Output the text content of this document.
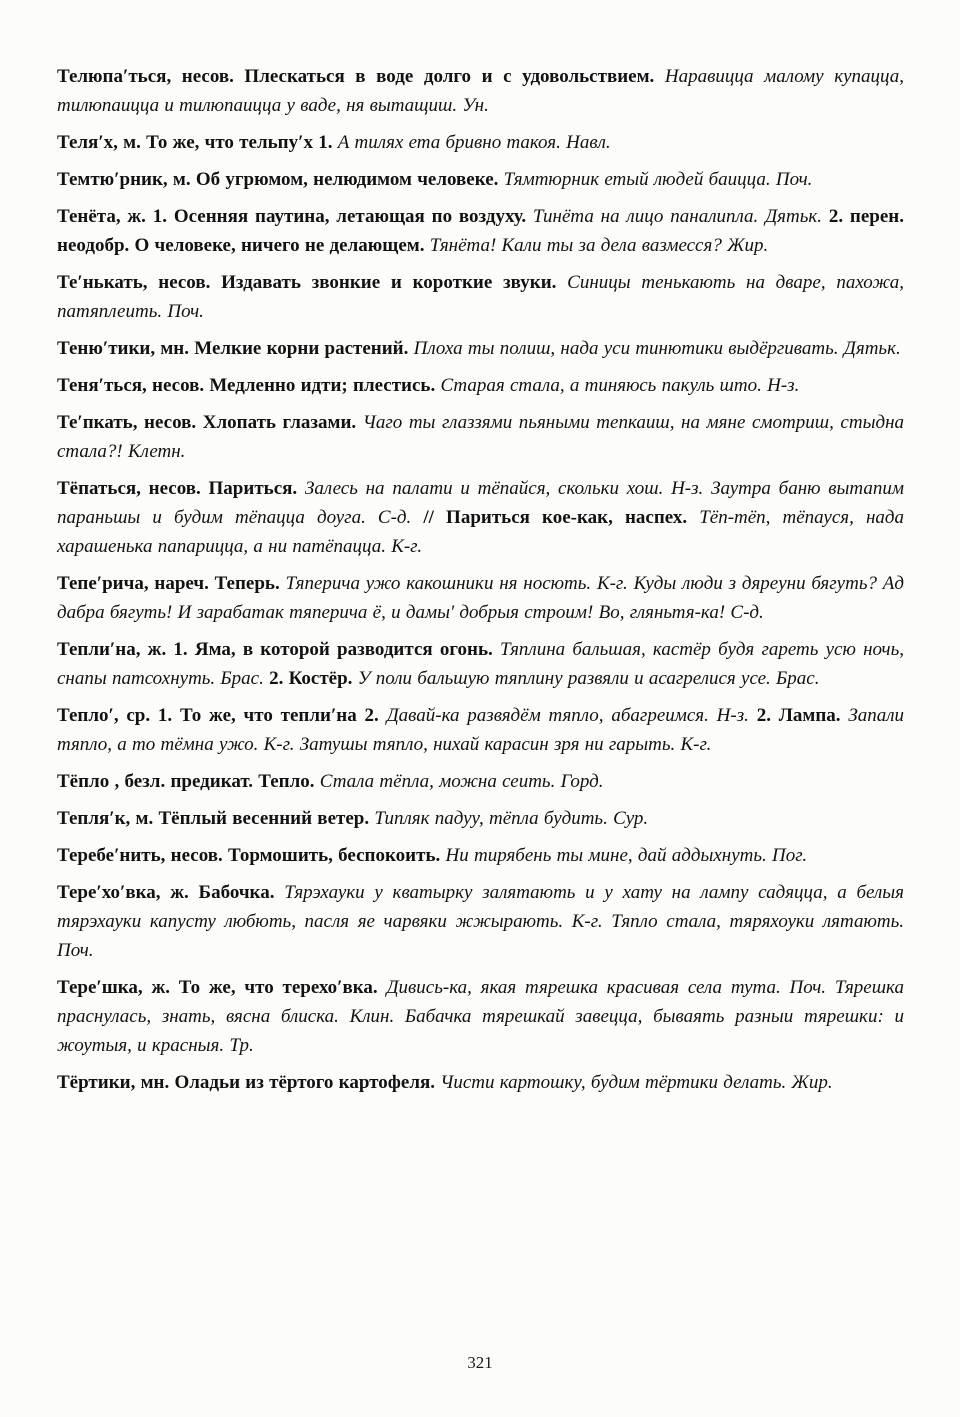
Телюпа′ться, несов. Плескаться в воде долго и с удовольствием. Наравицца малому купацца, тилюпаицца и тилюпаицца у ваде, ня вытащиш. Ун.

Теля′х, м. То же, что тельпу′х 1. А тилях ета бривно такоя. Навл.

Темтю′рник, м. Об угрюмом, нелюдимом человеке. Тямтюрник етый людей баицца. Поч.

Тенёта, ж. 1. Осенняя паутина, летающая по воздуху. Тинёта на лицо паналипла. Дятьк. 2. перен. неодобр. О человеке, ничего не делающем. Тянёта! Кали ты за дела вазмесся? Жир.

Те′нькать, несов. Издавать звонкие и короткие звуки. Синицы тенькають на дваре, пахожа, патяплеить. Поч.

Теню′тики, мн. Мелкие корни растений. Плоха ты полиш, нада уси тинютики выдёргивать. Дятьк.

Теня′ться, несов. Медленно идти; плестись. Старая стала, а тиняюсь пакуль што. Н-з.

Те′пкать, несов. Хлопать глазами. Чаго ты глаззями пьяными тепкаиш, на мяне смотриш, стыдна стала?! Клетн.

Тёпаться, несов. Париться. Залесь на палати и тёпайся, скольки хош. Н-з. Заутра баню вытапим параньшы и будим тёпацца доуга. С-д. // Париться кое-как, наспех. Тёп-тёп, тёпауся, нада харашенька папарицца, а ни патёпацца. К-г.

Тепе′рича, нареч. Теперь. Тяперича ужо какошники ня носють. К-г. Куды люди з дяреуни бягуть? Ад дабра бягуть! И зарабатак тяперича ё, и дамы′ добрыя строим! Во, гляньтя-ка! С-д.

Тепли′на, ж. 1. Яма, в которой разводится огонь. Тяплина бальшая, кастёр будя гареть усю ночь, снапы патсохнуть. Брас. 2. Костёр. У поли бальшую тяплину развяли и асагрелися усе. Брас.

Тепло′, ср. 1. То же, что тепли′на 2. Давай-ка развядём тяпло, абагреимся. Н-з. 2. Лампа. Запали тяпло, а то тёмна ужо. К-г. Затушы тяпло, нихай карасин зря ни гарыть. К-г.

Тёпло , безл. предикат. Тепло. Стала тёпла, можна сеить. Горд.

Тепля′к, м. Тёплый весенний ветер. Типляк падуу, тёпла будить. Сур.

Теребе′нить, несов. Тормошить, беспокоить. Ни тирябень ты мине, дай аддыхнуть. Пог.

Тере′хо′вка, ж. Бабочка. Тярэхауки у кватырку залятають и у хату на лампу садяцца, а белыя тярэхауки капусту любють, пасля яе чарвяки жжырають. К-г. Тяпло стала, тяряхоуки лятають. Поч.

Тере′шка, ж. То же, что терехо′вка. Дивись-ка, якая тярешка красивая села тута. Поч. Тярешка праснулась, знать, вясна блиска. Клин. Бабачка тярешкай завецца, бываять разныи тярешки: и жоутыя, и красныя. Тр.

Тёртики, мн. Оладьи из тёртого картофеля. Чисти картошку, будим тёртики делать. Жир.

321
